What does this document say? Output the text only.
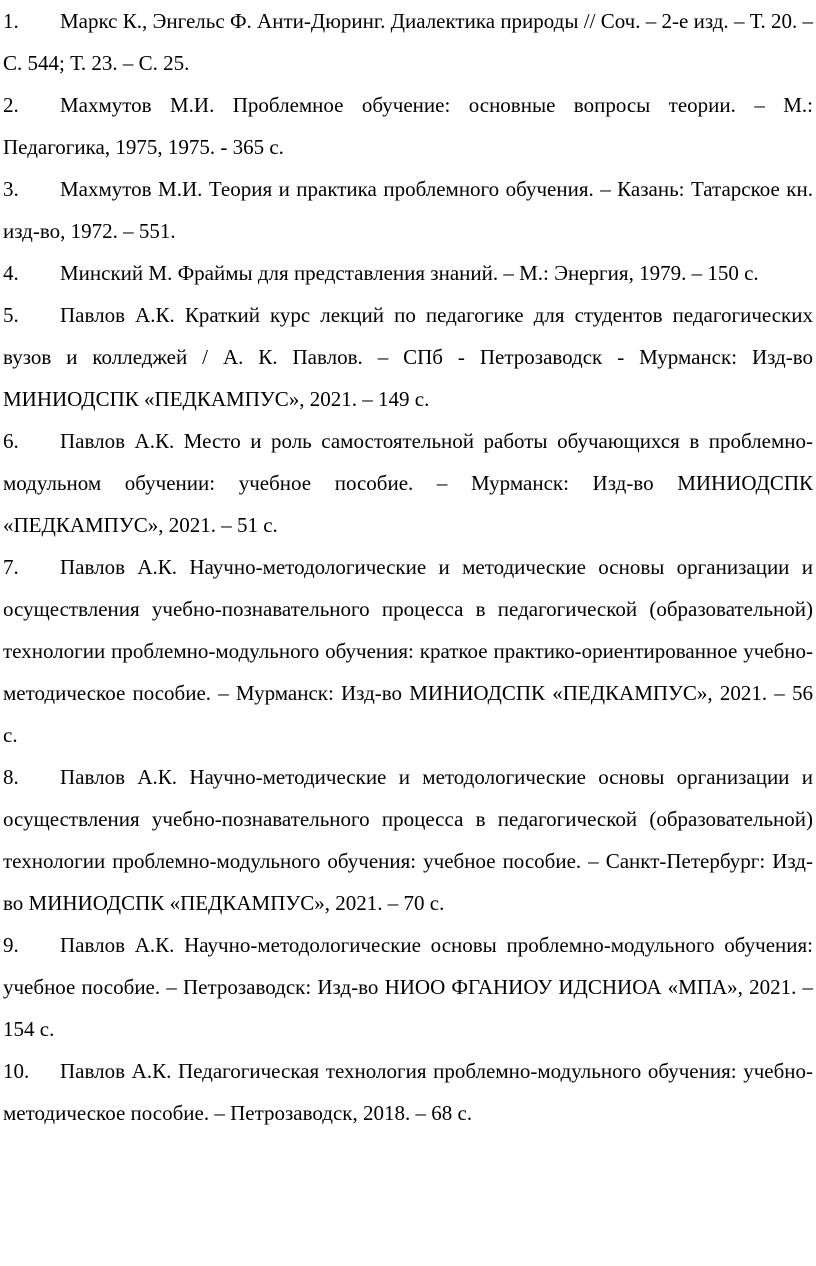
1. Маркс К., Энгельс Ф. Анти-Дюринг. Диалектика природы // Соч. – 2-е изд. – Т. 20. – С. 544; Т. 23. – С. 25.
2. Махмутов М.И. Проблемное обучение: основные вопросы теории. – М.: Педагогика, 1975, 1975. - 365 с.
3. Махмутов М.И. Теория и практика проблемного обучения. – Казань: Татарское кн. изд-во, 1972. – 551.
4. Минский М. Фраймы для представления знаний. – М.: Энергия, 1979. – 150 с.
5. Павлов А.К. Краткий курс лекций по педагогике для студентов педагогических вузов и колледжей / А. К. Павлов. – СПб - Петрозаводск - Мурманск: Изд-во МИНИОДСПК «ПЕДКАМПУС», 2021. – 149 с.
6. Павлов А.К. Место и роль самостоятельной работы обучающихся в проблемно-модульном обучении: учебное пособие. – Мурманск: Изд-во МИНИОДСПК «ПЕДКАМПУС», 2021. – 51 с.
7. Павлов А.К. Научно-методологические и методические основы организации и осуществления учебно-познавательного процесса в педагогической (образовательной) технологии проблемно-модульного обучения: краткое практико-ориентированное учебно-методическое пособие. – Мурманск: Изд-во МИНИОДСПК «ПЕДКАМПУС», 2021. – 56 с.
8. Павлов А.К. Научно-методические и методологические основы организации и осуществления учебно-познавательного процесса в педагогической (образовательной) технологии проблемно-модульного обучения: учебное пособие. – Санкт-Петербург: Изд-во МИНИОДСПК «ПЕДКАМПУС», 2021. – 70 с.
9. Павлов А.К. Научно-методологические основы проблемно-модульного обучения: учебное пособие. – Петрозаводск: Изд-во НИОО ФГАНИОУ ИДСНИОА «МПА», 2021. – 154 с.
10. Павлов А.К. Педагогическая технология проблемно-модульного обучения: учебно-методическое пособие. – Петрозаводск, 2018. – 68 с.
